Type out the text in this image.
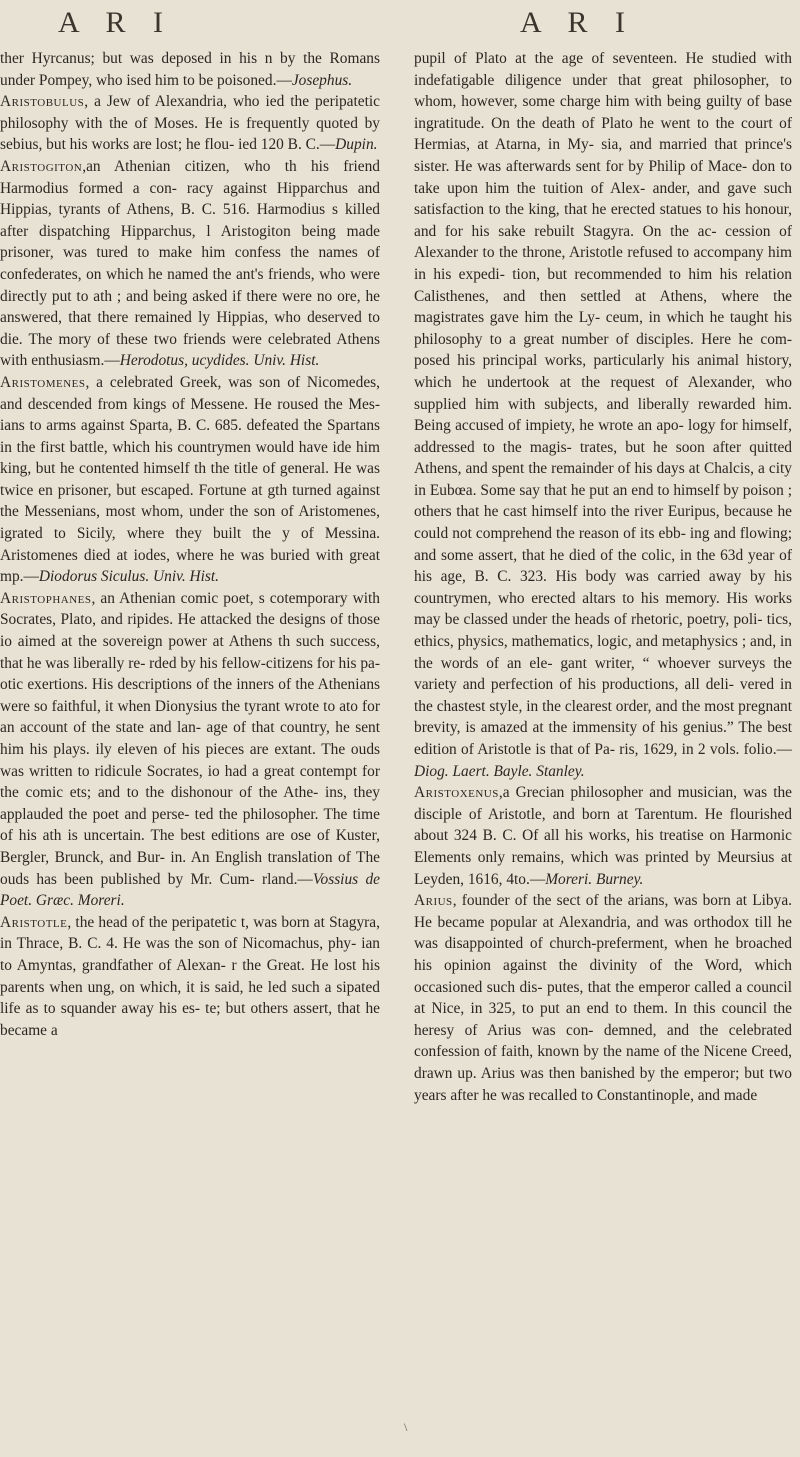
A R I	A R I

ther Hyrcanus; but was deposed in his n by the Romans under Pompey, who ised him to be poisoned.—Josephus.

Aristobulus, a Jew of Alexandria, who ied the peripatetic philosophy with the of Moses. He is frequently quoted by sebius, but his works are lost; he flou- ied 120 B. C.—Dupin.

Aristogiton,an Athenian citizen, who th his friend Harmodius formed a con- racy against Hipparchus and Hippias, tyrants of Athens, B. C. 516. Harmodius s killed after dispatching Hipparchus, l Aristogiton being made prisoner, was tured to make him confess the names of confederates, on which he named the ant's friends, who were directly put to ath ; and being asked if there were no ore, he answered, that there remained ly Hippias, who deserved to die. The mory of these two friends were celebrated Athens with enthusiasm.—Herodotus, ucydides. Univ. Hist.

Aristomenes, a celebrated Greek, was son of Nicomedes, and descended from kings of Messene. He roused the Mes- ians to arms against Sparta, B. C. 685. defeated the Spartans in the first battle, which his countrymen would have ide him king, but he contented himself th the title of general. He was twice en prisoner, but escaped. Fortune at gth turned against the Messenians, most whom, under the son of Aristomenes, igrated to Sicily, where they built the y of Messina. Aristomenes died at iodes, where he was buried with great mp.—Diodorus Siculus. Univ. Hist.

Aristophanes, an Athenian comic poet, s cotemporary with Socrates, Plato, and ripides. He attacked the designs of those io aimed at the sovereign power at Athens th such success, that he was liberally re- rded by his fellow-citizens for his pa- otic exertions. His descriptions of the inners of the Athenians were so faithful, it when Dionysius the tyrant wrote to ato for an account of the state and lan- age of that country, he sent him his plays. ily eleven of his pieces are extant. The ouds was written to ridicule Socrates, io had a great contempt for the comic ets; and to the dishonour of the Athe- ins, they applauded the poet and perse- ted the philosopher. The time of his ath is uncertain. The best editions are ose of Kuster, Bergler, Brunck, and Bur- in. An English translation of The ouds has been published by Mr. Cum- rland.—Vossius de Poet. Græc. Moreri.

Aristotle, the head of the peripatetic t, was born at Stagyra, in Thrace, B. C. 4. He was the son of Nicomachus, phy- ian to Amyntas, grandfather of Alexan- r the Great. He lost his parents when ung, on which, it is said, he led such a sipated life as to squander away his es- te; but others assert, that he became a

pupil of Plato at the age of seventeen. He studied with indefatigable diligence under that great philosopher, to whom, however, some charge him with being guilty of base ingratitude. On the death of Plato he went to the court of Hermias, at Atarna, in My- sia, and married that prince's sister. He was afterwards sent for by Philip of Mace- don to take upon him the tuition of Alex- ander, and gave such satisfaction to the king, that he erected statues to his honour, and for his sake rebuilt Stagyra. On the ac- cession of Alexander to the throne, Aristotle refused to accompany him in his expedi- tion, but recommended to him his relation Calisthenes, and then settled at Athens, where the magistrates gave him the Ly- ceum, in which he taught his philosophy to a great number of disciples. Here he com- posed his principal works, particularly his animal history, which he undertook at the request of Alexander, who supplied him with subjects, and liberally rewarded him. Being accused of impiety, he wrote an apo- logy for himself, addressed to the magis- trates, but he soon after quitted Athens, and spent the remainder of his days at Chalcis, a city in Eubœa. Some say that he put an end to himself by poison ; others that he cast himself into the river Euripus, because he could not comprehend the reason of its ebb- ing and flowing; and some assert, that he died of the colic, in the 63d year of his age, B. C. 323. His body was carried away by his countrymen, who erected altars to his memory. His works may be classed under the heads of rhetoric, poetry, poli- tics, ethics, physics, mathematics, logic, and metaphysics ; and, in the words of an ele- gant writer, “ whoever surveys the variety and perfection of his productions, all deli- vered in the chastest style, in the clearest order, and the most pregnant brevity, is amazed at the immensity of his genius.” The best edition of Aristotle is that of Pa- ris, 1629, in 2 vols. folio.—Diog. Laert. Bayle. Stanley.

Aristoxenus,a Grecian philosopher and musician, was the disciple of Aristotle, and born at Tarentum. He flourished about 324 B. C. Of all his works, his treatise on Harmonic Elements only remains, which was printed by Meursius at Leyden, 1616, 4to.—Moreri. Burney.

Arius, founder of the sect of the arians, was born at Libya. He became popular at Alexandria, and was orthodox till he was disappointed of church-preferment, when he broached his opinion against the divinity of the Word, which occasioned such dis- putes, that the emperor called a council at Nice, in 325, to put an end to them. In this council the heresy of Arius was con- demned, and the celebrated confession of faith, known by the name of the Nicene Creed, drawn up. Arius was then banished by the emperor; but two years after he was recalled to Constantinople, and made

\
